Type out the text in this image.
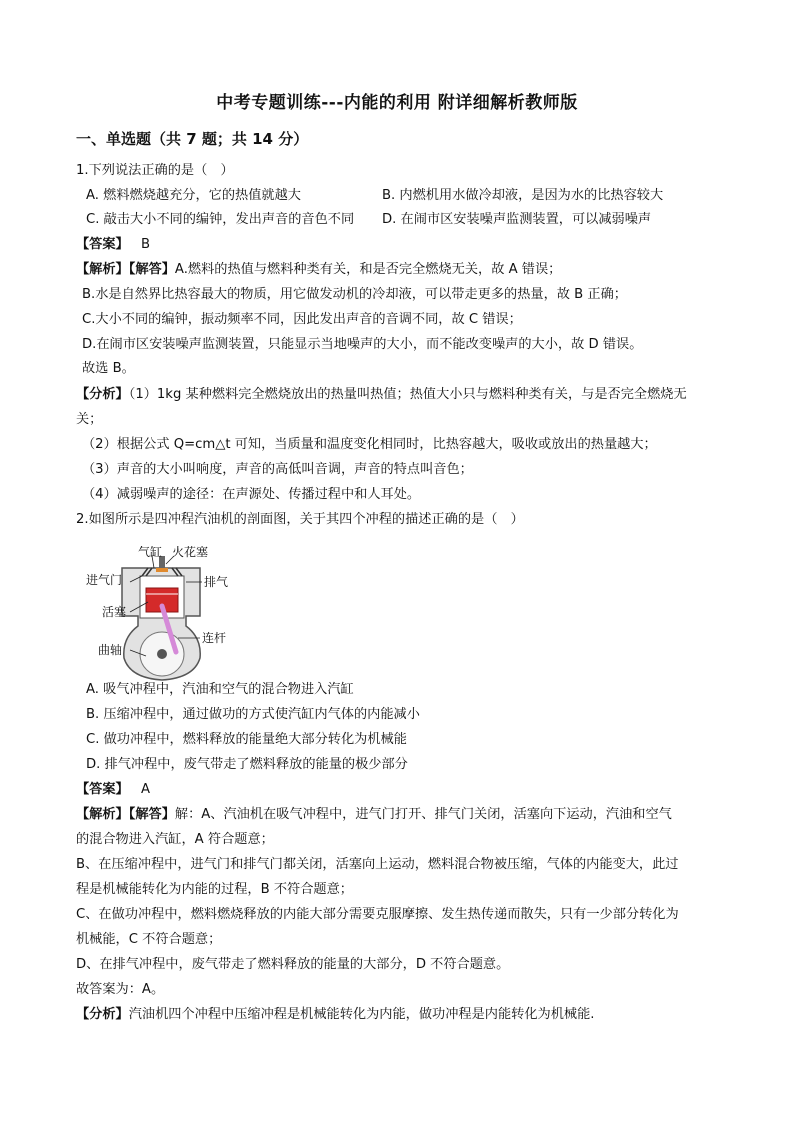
中考专题训练---内能的利用 附详细解析教师版
一、单选题（共 7 题；共 14 分）
1.下列说法正确的是（　）
A. 燃料燃烧越充分，它的热值就越大	B. 内燃机用水做冷却液，是因为水的比热容较大
C. 敲击大小不同的编钟，发出声音的音色不同 D. 在闹市区安装噪声监测装置，可以减弱噪声
【答案】 B
【解析】【解答】A.燃料的热值与燃料种类有关，和是否完全燃烧无关，故 A 错误；
B.水是自然界比热容最大的物质，用它做发动机的冷却液，可以带走更多的热量，故 B 正确；
C.大小不同的编钟，振动频率不同，因此发出声音的音调不同，故 C 错误；
D.在闹市区安装噪声监测装置，只能显示当地噪声的大小，而不能改变噪声的大小，故 D 错误。
故选 B。
【分析】（1）1kg 某种燃料完全燃烧放出的热量叫热值；热值大小只与燃料种类有关，与是否完全燃烧无
关；
（2）根据公式 Q=cm△t 可知，当质量和温度变化相同时，比热容越大，吸收或放出的热量越大；
（3）声音的大小叫响度，声音的高低叫音调，声音的特点叫音色；
（4）减弱噪声的途径：在声源处、传播过程中和人耳处。
2.如图所示是四冲程汽油机的剖面图，关于其四个冲程的描述正确的是（　）
气缸 火花塞
进气门	排气
活塞
连杆
曲轴
A. 吸气冲程中，汽油和空气的混合物进入汽缸
B. 压缩冲程中，通过做功的方式使汽缸内气体的内能减小
C. 做功冲程中，燃料释放的能量绝大部分转化为机械能
D. 排气冲程中，废气带走了燃料释放的能量的极少部分
【答案】 A
【解析】【解答】解：A、汽油机在吸气冲程中，进气门打开、排气门关闭，活塞向下运动，汽油和空气
的混合物进入汽缸，A 符合题意；
B、在压缩冲程中，进气门和排气门都关闭，活塞向上运动，燃料混合物被压缩，气体的内能变大，此过
程是机械能转化为内能的过程，B 不符合题意；
C、在做功冲程中，燃料燃烧释放的内能大部分需要克服摩擦、发生热传递而散失，只有一少部分转化为
机械能，C 不符合题意；
D、在排气冲程中，废气带走了燃料释放的能量的大部分，D 不符合题意。
故答案为：A。
【分析】汽油机四个冲程中压缩冲程是机械能转化为内能，做功冲程是内能转化为机械能.
